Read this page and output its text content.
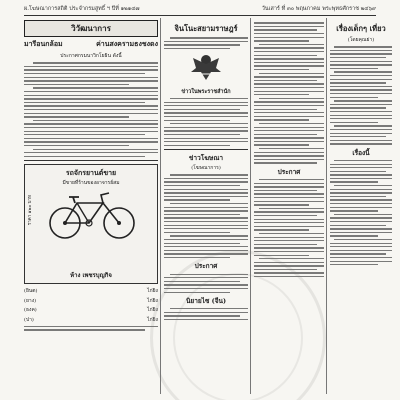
ผ.โฆษณาการสถิติ ประจำกรมสูทธิ์ ฯ ปีที่ ๑๒๑๔๗	วันเสาร์ ที่ ๓๐ พฤษภาคม พระพุทธศักราช ๒๔๖๙
วิวัฒนาการ
มารีอนกล้อม	ค่านสงครามธงชงดง
ประกาศกรมนาวิกโยธิน ดังนี้
รถจักรยานต์ขาย
มีขายที่ร้านของอาจารย์สม
ราคา ๑๒๐ บาท
ห้าง เพชรบุญกิจ
(ยินต)	ไก่ยิง
(ยาง)	ไก่ยิง
(ธงค)	ไก่ยิง
(ปา)	ไก่ยิง
จินโนะสยามราษฎร์
ข่าวในพระราชสำนัก
ข่าวโฆษณา
(โฆษณาการ)
ประกาศ
นิยายไซ (จีน)
ประกาศ
เรื่องเด็กๆ เที่ยว
(โดยคุณย่า)
เรื่องนี้
